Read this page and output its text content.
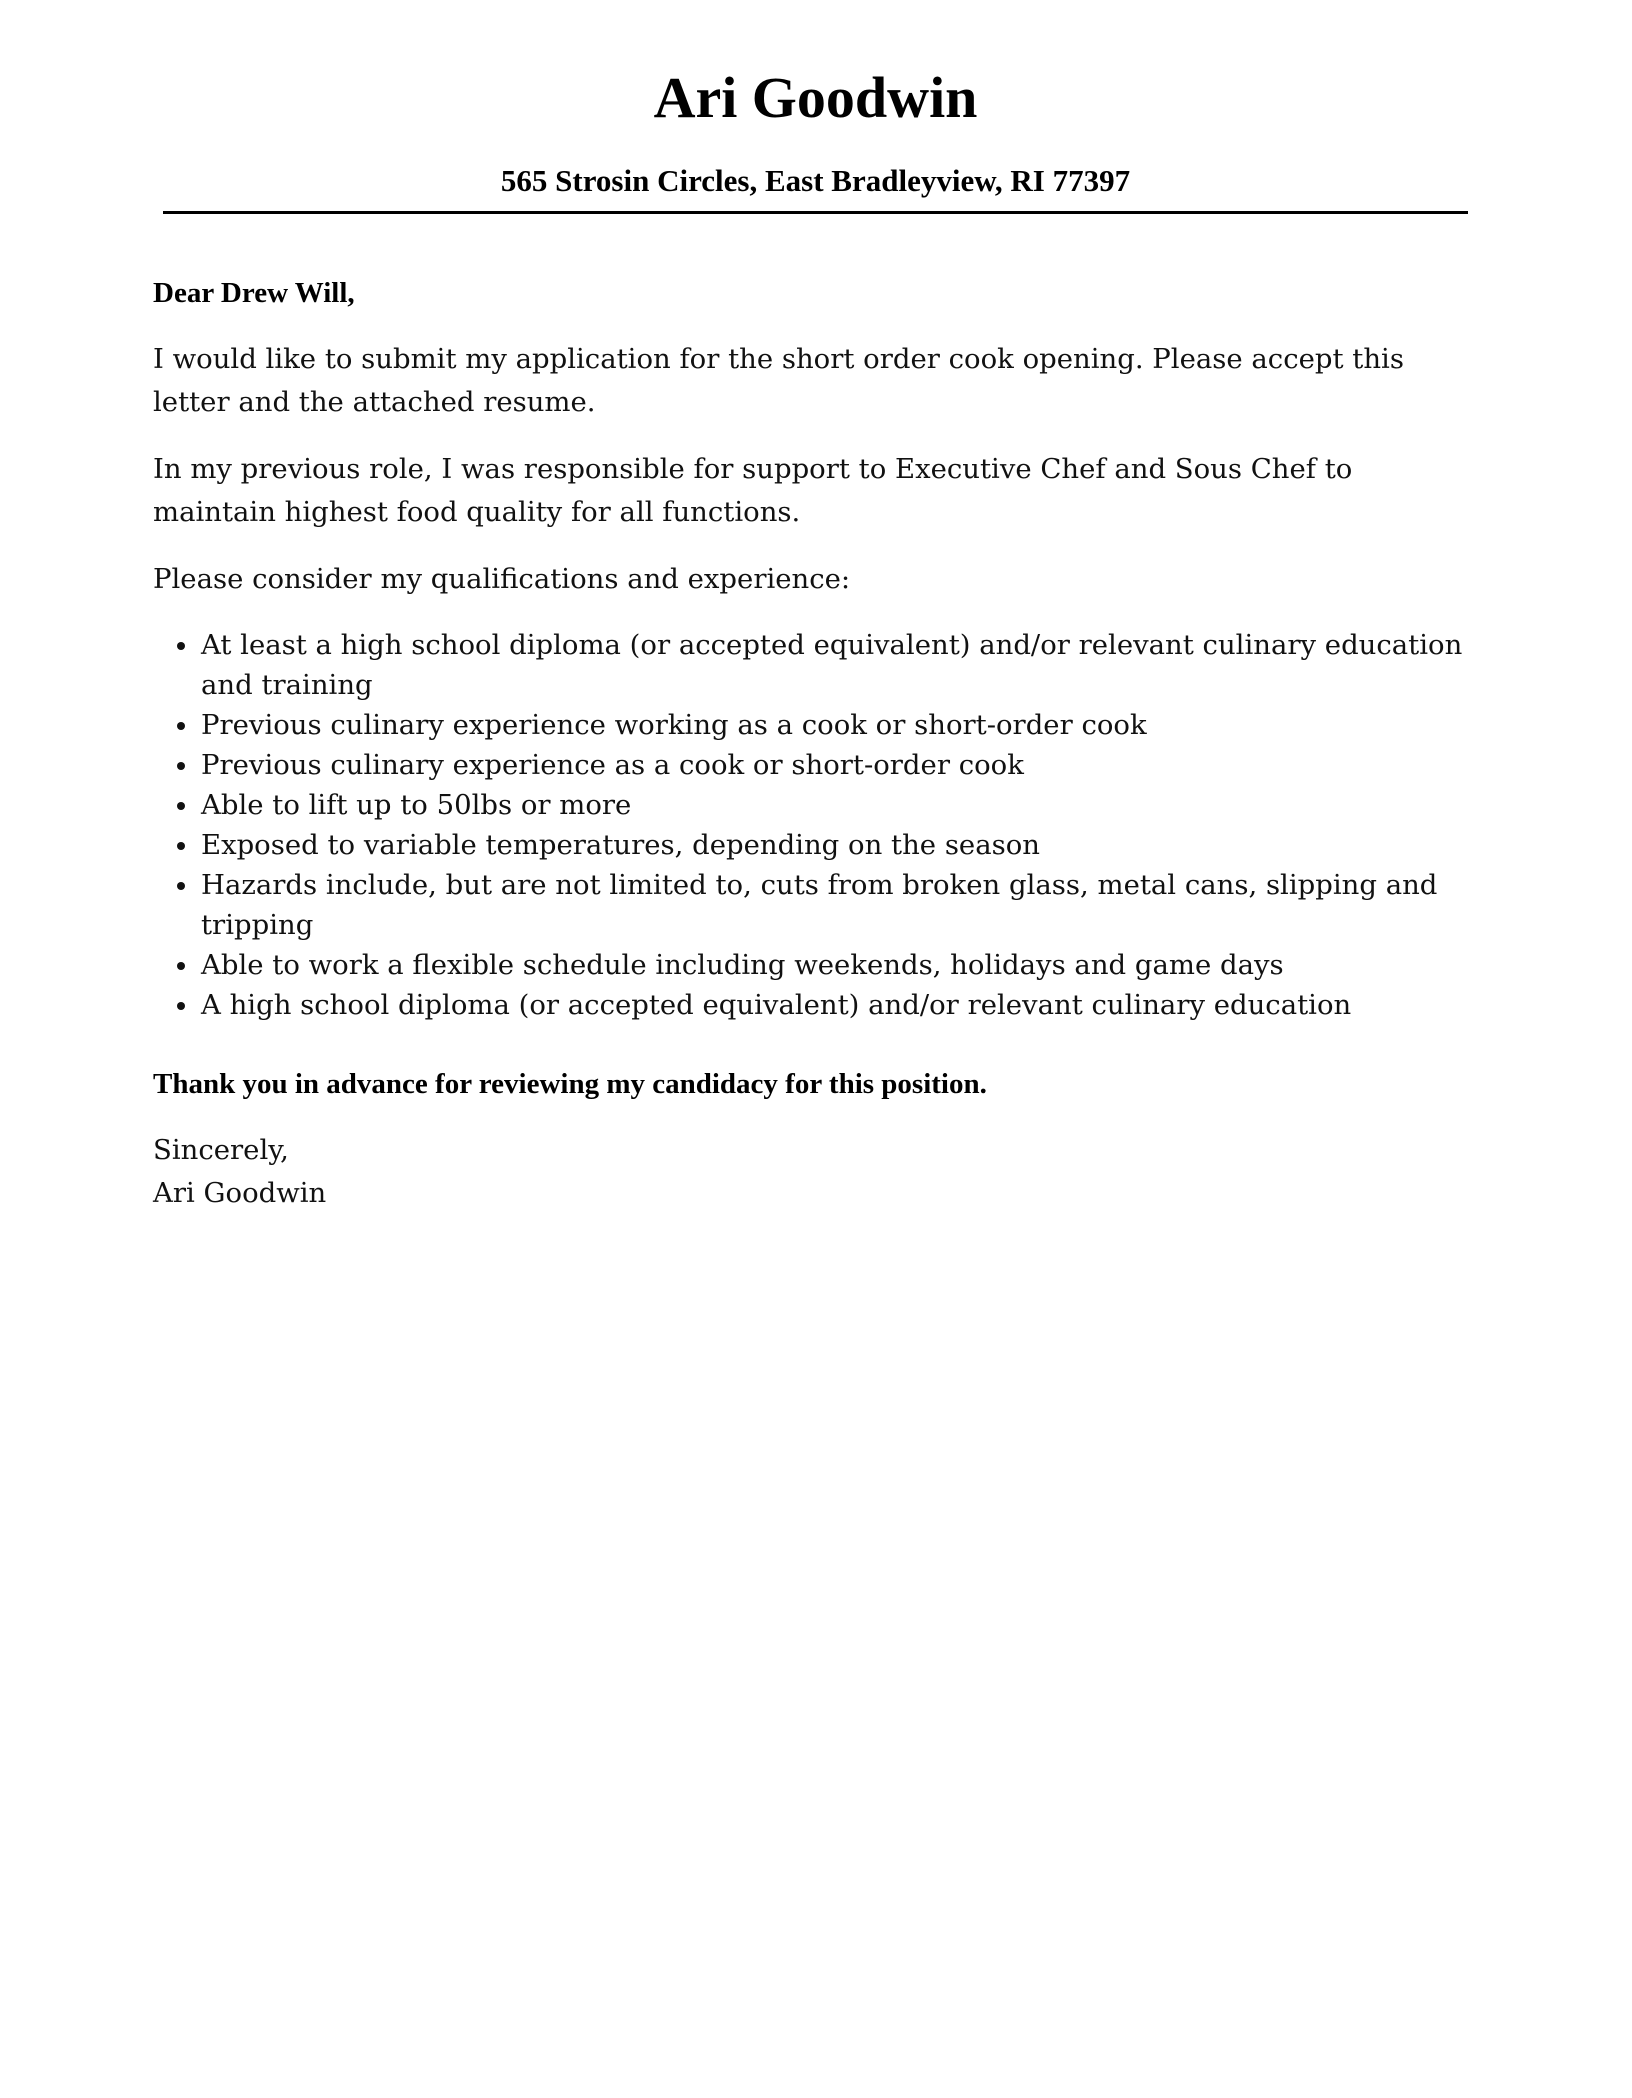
Ari Goodwin
565 Strosin Circles, East Bradleyview, RI 77397

Dear Drew Will,

I would like to submit my application for the short order cook opening. Please accept this letter and the attached resume.

In my previous role, I was responsible for support to Executive Chef and Sous Chef to maintain highest food quality for all functions.

Please consider my qualifications and experience:

At least a high school diploma (or accepted equivalent) and/or relevant culinary education and training
Previous culinary experience working as a cook or short-order cook
Previous culinary experience as a cook or short-order cook
Able to lift up to 50lbs or more
Exposed to variable temperatures, depending on the season
Hazards include, but are not limited to, cuts from broken glass, metal cans, slipping and tripping
Able to work a flexible schedule including weekends, holidays and game days
A high school diploma (or accepted equivalent) and/or relevant culinary education

Thank you in advance for reviewing my candidacy for this position.

Sincerely,

Ari Goodwin
